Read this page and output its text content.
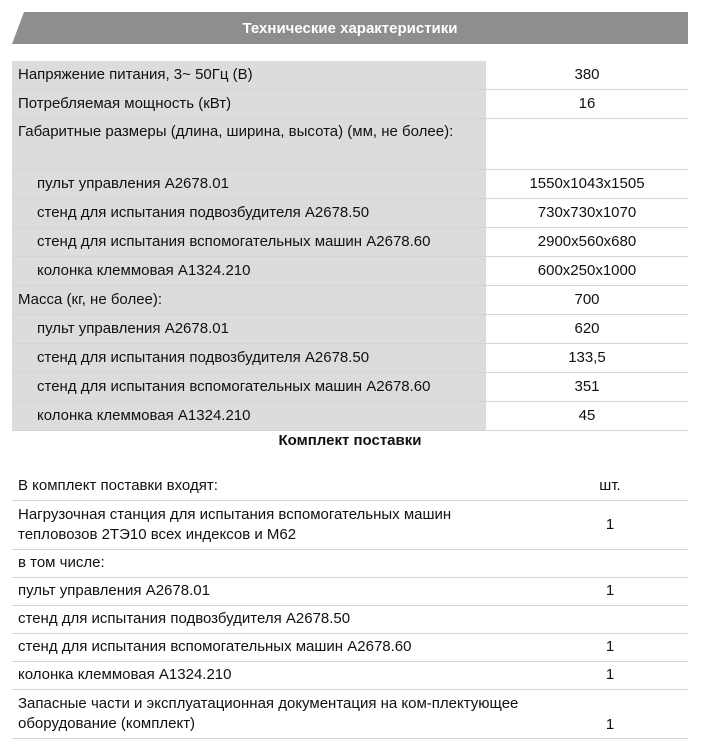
Технические характеристики
Напряжение питания, 3~ 50Гц (В)	380
Потребляемая мощность (кВт)	16
Габаритные размеры (длина, ширина, высота) (мм, не более):	
пульт управления А2678.01	1550x1043x1505
стенд для испытания подвозбудителя А2678.50	730x730x1070
стенд для испытания вспомогательных машин А2678.60	2900x560x680
колонка клеммовая А1324.210	600x250x1000
Масса (кг, не более):	700
пульт управления А2678.01	620
стенд для испытания подвозбудителя А2678.50	133,5
стенд для испытания вспомогательных машин А2678.60	351
колонка клеммовая А1324.210	45
Комплект поставки
В комплект поставки входят:	шт.
Нагрузочная станция для испытания вспомогательных машин тепловозов 2ТЭ10 всех индексов и М62	1
в том числе:	
пульт управления А2678.01	1
стенд для испытания подвозбудителя А2678.50	
стенд для испытания вспомогательных машин А2678.60	1
колонка клеммовая А1324.210	1
Запасные части и эксплуатационная документация на ком-плектующее оборудование (комплект)	1
